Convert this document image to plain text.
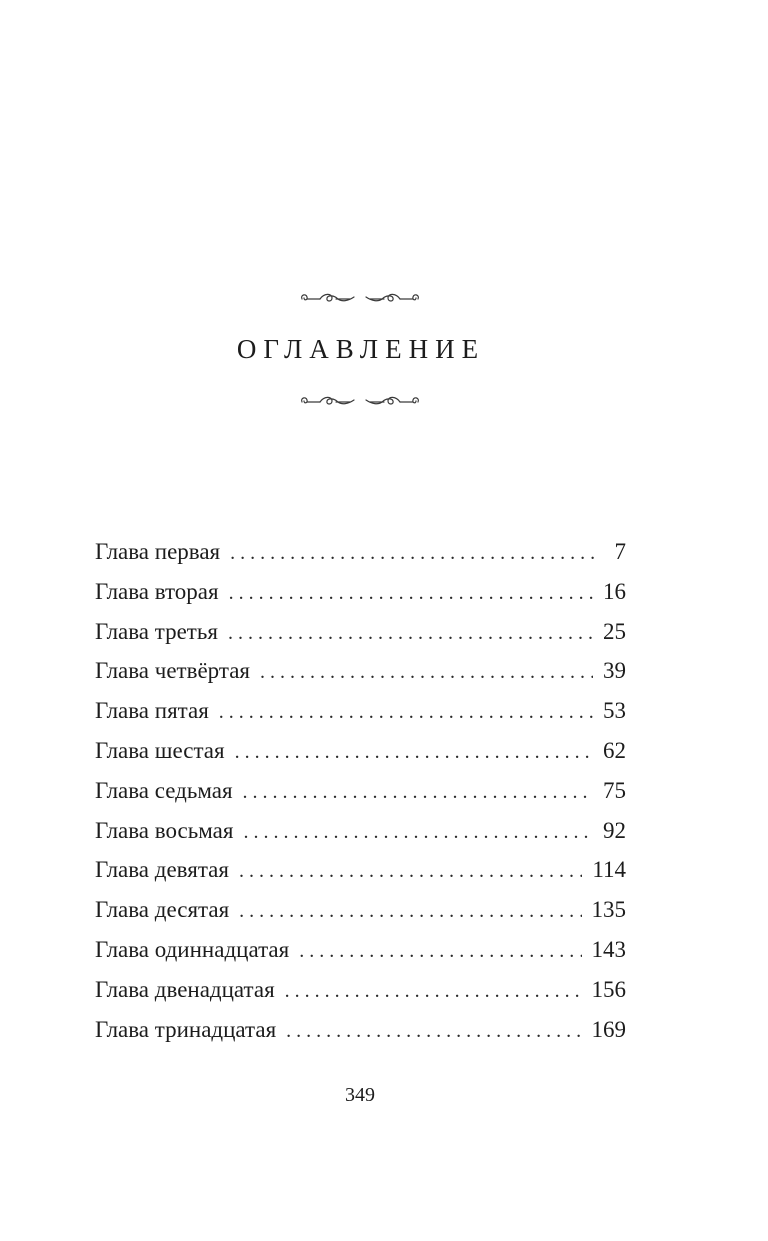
ОГЛАВЛЕНИЕ
Глава первая . . .	7
Глава вторая . . .	16
Глава третья . . .	25
Глава четвёртая . . .	39
Глава пятая . . .	53
Глава шестая . . .	62
Глава седьмая . . .	75
Глава восьмая . . .	92
Глава девятая . . .	114
Глава десятая . . .	135
Глава одиннадцатая . . .	143
Глава двенадцатая . . .	156
Глава тринадцатая . . .	169
349
